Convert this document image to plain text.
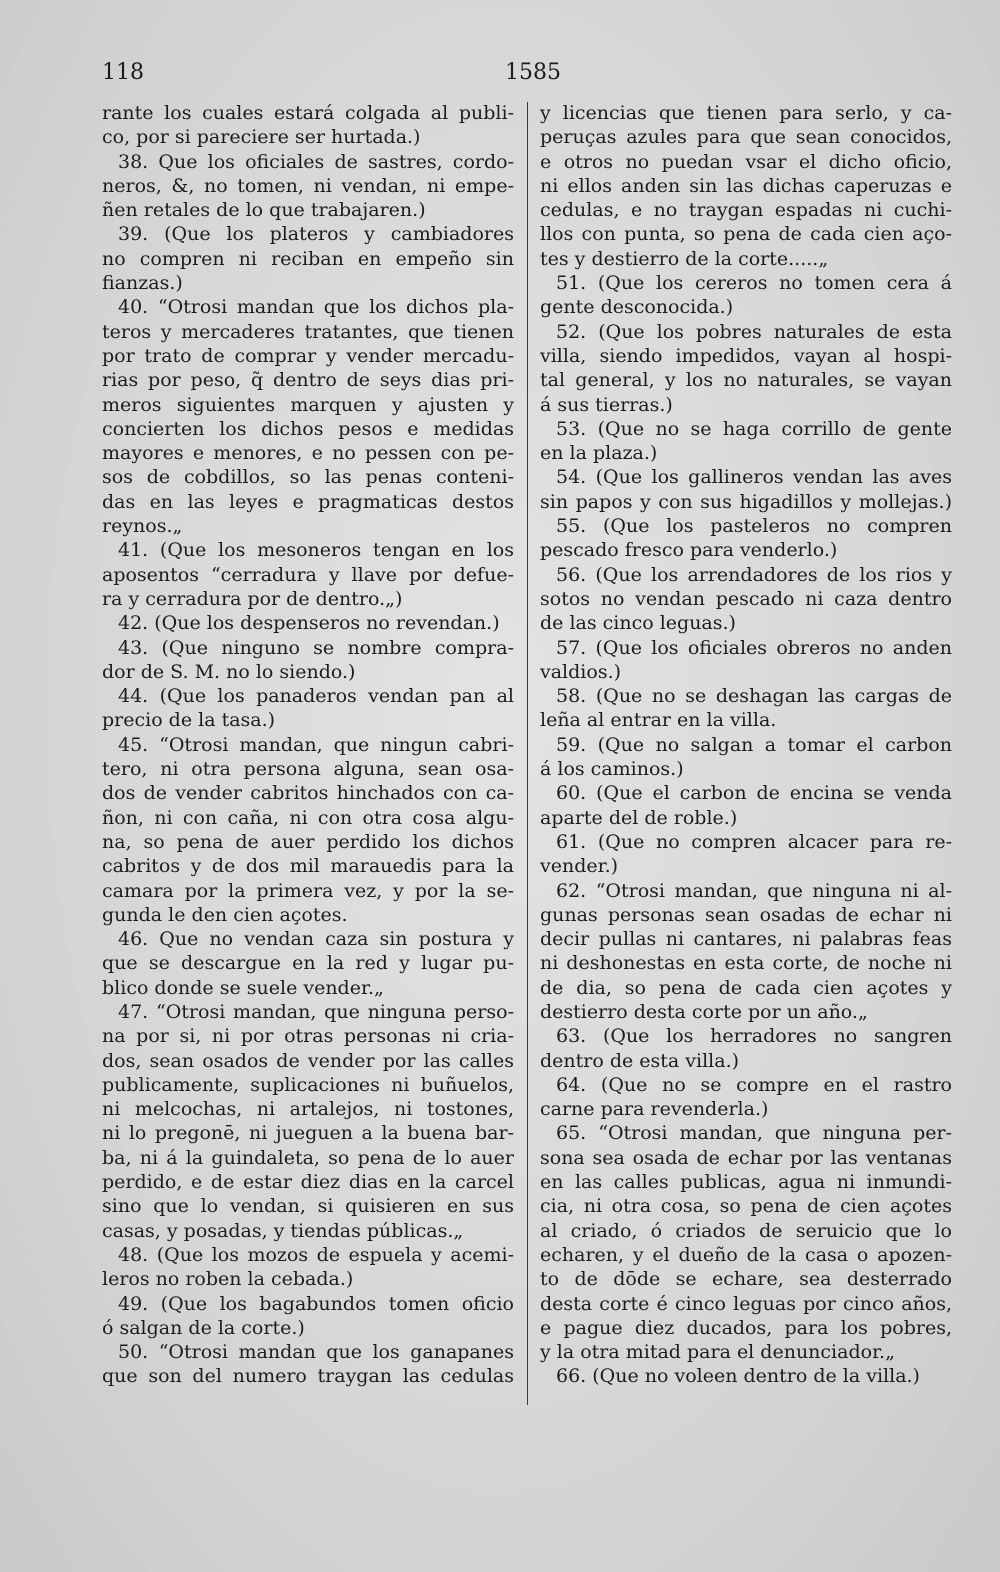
118	1585
rante los cuales estará colgada al publi-
co, por si pareciere ser hurtada.)
38. Que los oficiales de sastres, cordo-
neros, &, no tomen, ni vendan, ni empe-
ñen retales de lo que trabajaren.)
39. (Que los plateros y cambiadores
no compren ni reciban en empeño sin
fianzas.)
40. “Otrosi mandan que los dichos pla-
teros y mercaderes tratantes, que tienen
por trato de comprar y vender mercadu-
rias por peso, q̃ dentro de seys dias pri-
meros siguientes marquen y ajusten y
concierten los dichos pesos e medidas
mayores e menores, e no pessen con pe-
sos de cobdillos, so las penas conteni-
das en las leyes e pragmaticas destos
reynos.„
41. (Que los mesoneros tengan en los
aposentos “cerradura y llave por defue-
ra y cerradura por de dentro.„)
42. (Que los despenseros no revendan.)
43. (Que ninguno se nombre compra-
dor de S. M. no lo siendo.)
44. (Que los panaderos vendan pan al
precio de la tasa.)
45. “Otrosi mandan, que ningun cabri-
tero, ni otra persona alguna, sean osa-
dos de vender cabritos hinchados con ca-
ñon, ni con caña, ni con otra cosa algu-
na, so pena de auer perdido los dichos
cabritos y de dos mil marauedis para la
camara por la primera vez, y por la se-
gunda le den cien açotes.
46. Que no vendan caza sin postura y
que se descargue en la red y lugar pu-
blico donde se suele vender.„
47. “Otrosi mandan, que ninguna perso-
na por si, ni por otras personas ni cria-
dos, sean osados de vender por las calles
publicamente, suplicaciones ni buñuelos,
ni melcochas, ni artalejos, ni tostones,
ni lo pregonē, ni jueguen a la buena bar-
ba, ni á la guindaleta, so pena de lo auer
perdido, e de estar diez dias en la carcel
sino que lo vendan, si quisieren en sus
casas, y posadas, y tiendas públicas.„
48. (Que los mozos de espuela y acemi-
leros no roben la cebada.)
49. (Que los bagabundos tomen oficio
ó salgan de la corte.)
50. “Otrosi mandan que los ganapanes
que son del numero traygan las cedulas
y licencias que tienen para serlo, y ca-
peruças azules para que sean conocidos,
e otros no puedan vsar el dicho oficio,
ni ellos anden sin las dichas caperuzas e
cedulas, e no traygan espadas ni cuchi-
llos con punta, so pena de cada cien aço-
tes y destierro de la corte.....„
51. (Que los cereros no tomen cera á
gente desconocida.)
52. (Que los pobres naturales de esta
villa, siendo impedidos, vayan al hospi-
tal general, y los no naturales, se vayan
á sus tierras.)
53. (Que no se haga corrillo de gente
en la plaza.)
54. (Que los gallineros vendan las aves
sin papos y con sus higadillos y mollejas.)
55. (Que los pasteleros no compren
pescado fresco para venderlo.)
56. (Que los arrendadores de los rios y
sotos no vendan pescado ni caza dentro
de las cinco leguas.)
57. (Que los oficiales obreros no anden
valdios.)
58. (Que no se deshagan las cargas de
leña al entrar en la villa.
59. (Que no salgan a tomar el carbon
á los caminos.)
60. (Que el carbon de encina se venda
aparte del de roble.)
61. (Que no compren alcacer para re-
vender.)
62. “Otrosi mandan, que ninguna ni al-
gunas personas sean osadas de echar ni
decir pullas ni cantares, ni palabras feas
ni deshonestas en esta corte, de noche ni
de dia, so pena de cada cien açotes y
destierro desta corte por un año.„
63. (Que los herradores no sangren
dentro de esta villa.)
64. (Que no se compre en el rastro
carne para revenderla.)
65. “Otrosi mandan, que ninguna per-
sona sea osada de echar por las ventanas
en las calles publicas, agua ni inmundi-
cia, ni otra cosa, so pena de cien açotes
al criado, ó criados de seruicio que lo
echaren, y el dueño de la casa o apozen-
to de dōde se echare, sea desterrado
desta corte é cinco leguas por cinco años,
e pague diez ducados, para los pobres,
y la otra mitad para el denunciador.„
66. (Que no voleen dentro de la villa.)
